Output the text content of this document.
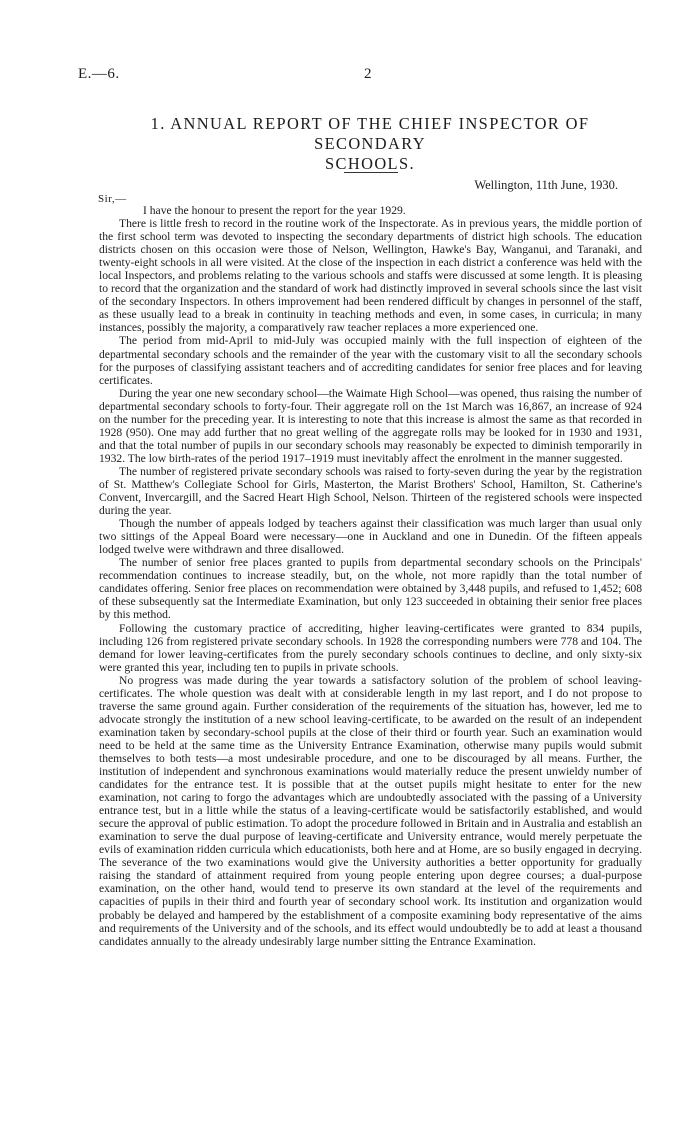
E.—6.	2
1. ANNUAL REPORT OF THE CHIEF INSPECTOR OF SECONDARY
SCHOOLS.
Wellington, 11th June, 1930.
Sir,—

I have the honour to present the report for the year 1929.

There is little fresh to record in the routine work of the Inspectorate. As in previous years, the middle portion of the first school term was devoted to inspecting the secondary departments of district high schools. The education districts chosen on this occasion were those of Nelson, Wellington, Hawke's Bay, Wanganui, and Taranaki, and twenty-eight schools in all were visited. At the close of the inspection in each district a conference was held with the local Inspectors, and problems relating to the various schools and staffs were discussed at some length. It is pleasing to record that the organization and the standard of work had distinctly improved in several schools since the last visit of the secondary Inspectors. In others improvement had been rendered difficult by changes in personnel of the staff, as these usually lead to a break in continuity in teaching methods and even, in some cases, in curricula; in many instances, possibly the majority, a comparatively raw teacher replaces a more experienced one.

The period from mid-April to mid-July was occupied mainly with the full inspection of eighteen of the departmental secondary schools and the remainder of the year with the customary visit to all the secondary schools for the purposes of classifying assistant teachers and of accrediting candidates for senior free places and for leaving certificates.

During the year one new secondary school—the Waimate High School—was opened, thus raising the number of departmental secondary schools to forty-four. Their aggregate roll on the 1st March was 16,867, an increase of 924 on the number for the preceding year. It is interesting to note that this increase is almost the same as that recorded in 1928 (950). One may add further that no great welling of the aggregate rolls may be looked for in 1930 and 1931, and that the total number of pupils in our secondary schools may reasonably be expected to diminish temporarily in 1932. The low birth-rates of the period 1917–1919 must inevitably affect the enrolment in the manner suggested.

The number of registered private secondary schools was raised to forty-seven during the year by the registration of St. Matthew's Collegiate School for Girls, Masterton, the Marist Brothers' School, Hamilton, St. Catherine's Convent, Invercargill, and the Sacred Heart High School, Nelson. Thirteen of the registered schools were inspected during the year.

Though the number of appeals lodged by teachers against their classification was much larger than usual only two sittings of the Appeal Board were necessary—one in Auckland and one in Dunedin. Of the fifteen appeals lodged twelve were withdrawn and three disallowed.

The number of senior free places granted to pupils from departmental secondary schools on the Principals' recommendation continues to increase steadily, but, on the whole, not more rapidly than the total number of candidates offering. Senior free places on recommendation were obtained by 3,448 pupils, and refused to 1,452; 608 of these subsequently sat the Intermediate Examination, but only 123 succeeded in obtaining their senior free places by this method.

Following the customary practice of accrediting, higher leaving-certificates were granted to 834 pupils, including 126 from registered private secondary schools. In 1928 the corresponding numbers were 778 and 104. The demand for lower leaving-certificates from the purely secondary schools continues to decline, and only sixty-six were granted this year, including ten to pupils in private schools.

No progress was made during the year towards a satisfactory solution of the problem of school leaving-certificates. The whole question was dealt with at considerable length in my last report, and I do not propose to traverse the same ground again. Further consideration of the requirements of the situation has, however, led me to advocate strongly the institution of a new school leaving-certificate, to be awarded on the result of an independent examination taken by secondary-school pupils at the close of their third or fourth year. Such an examination would need to be held at the same time as the University Entrance Examination, otherwise many pupils would submit themselves to both tests—a most undesirable procedure, and one to be discouraged by all means. Further, the institution of independent and synchronous examinations would materially reduce the present unwieldy number of candidates for the entrance test. It is possible that at the outset pupils might hesitate to enter for the new examination, not caring to forgo the advantages which are undoubtedly associated with the passing of a University entrance test, but in a little while the status of a leaving-certificate would be satisfactorily established, and would secure the approval of public estimation. To adopt the procedure followed in Britain and in Australia and establish an examination to serve the dual purpose of leaving-certificate and University entrance, would merely perpetuate the evils of examination ridden curricula which educationists, both here and at Home, are so busily engaged in decrying. The severance of the two examinations would give the University authorities a better opportunity for gradually raising the standard of attainment required from young people entering upon degree courses; a dual-purpose examination, on the other hand, would tend to preserve its own standard at the level of the requirements and capacities of pupils in their third and fourth year of secondary school work. Its institution and organization would probably be delayed and hampered by the establishment of a composite examining body representative of the aims and requirements of the University and of the schools, and its effect would undoubtedly be to add at least a thousand candidates annually to the already undesirably large number sitting the Entrance Examination.
